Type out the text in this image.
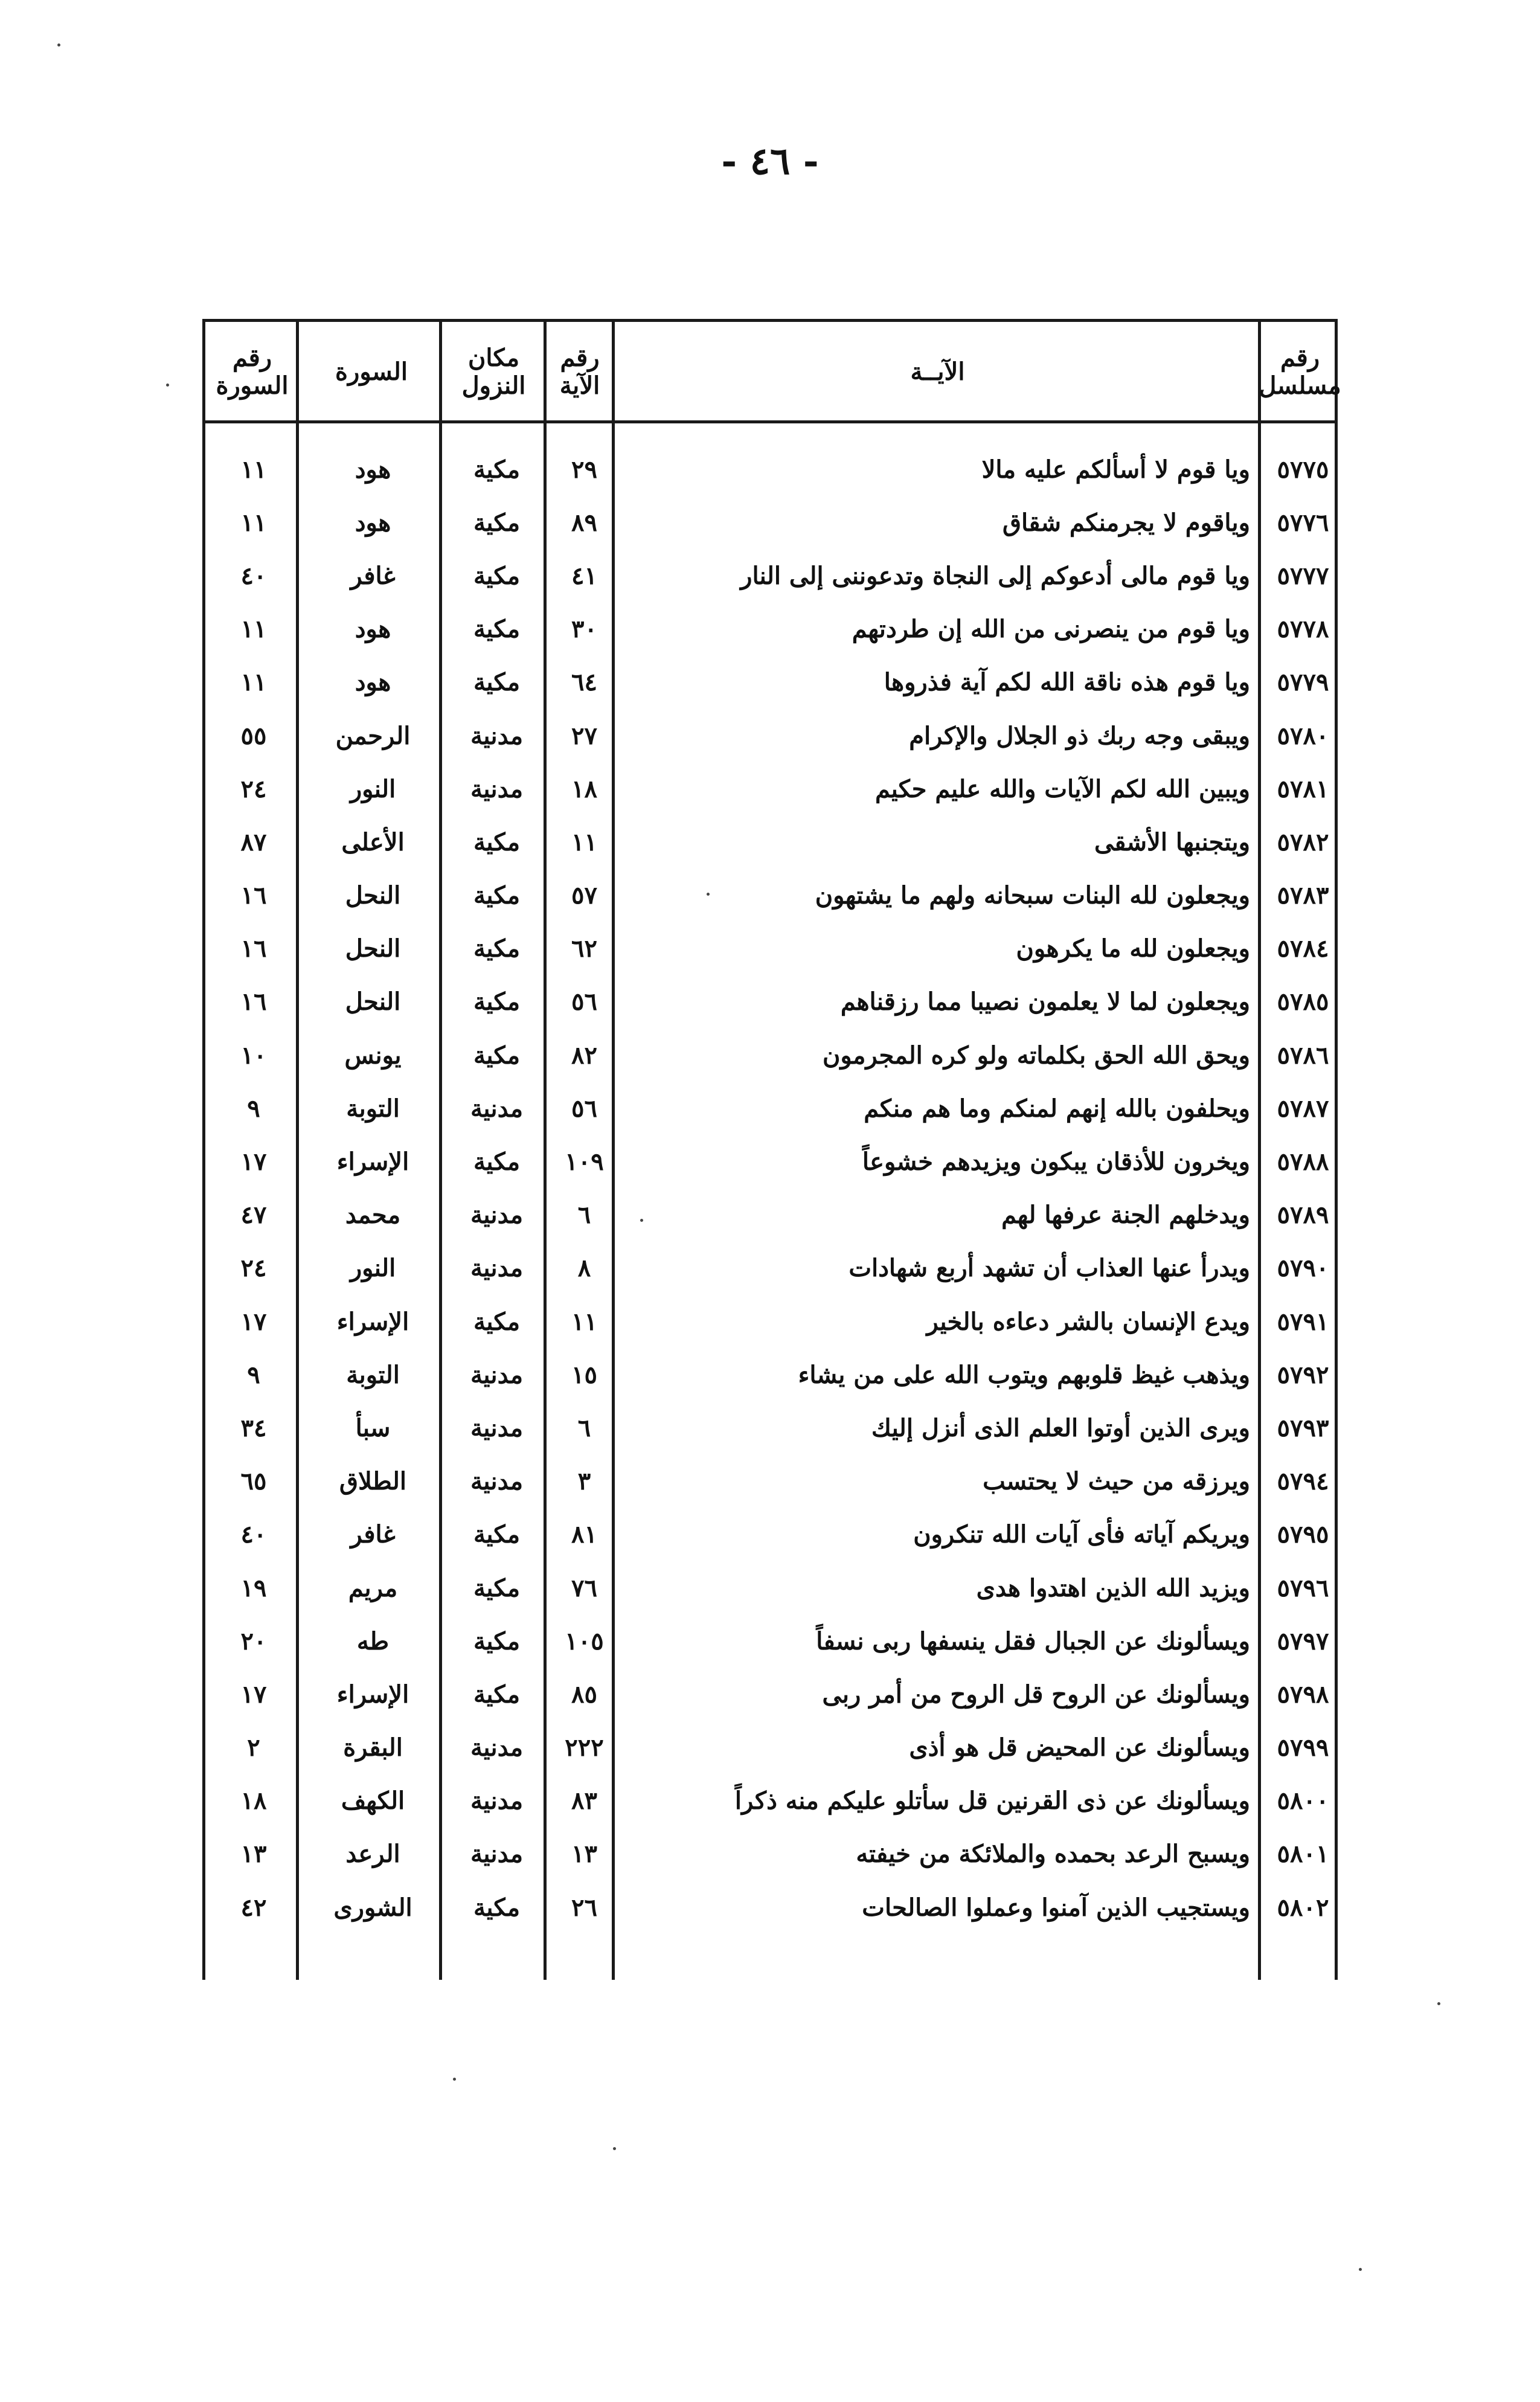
- ٤٦ -
رقم مسلسل
الآيــة
رقم الآية
مكان النزول
السورة
رقم السورة
٥٧٧٥
ويا قوم لا أسألكم عليه مالا
٢٩
مكية
هود
١١
٥٧٧٦
وياقوم لا يجرمنكم شقاق
٨٩
مكية
هود
١١
٥٧٧٧
ويا قوم مالى أدعوكم إلى النجاة وتدعوننى إلى النار
٤١
مكية
غافر
٤٠
٥٧٧٨
ويا قوم من ينصرنى من الله إن طردتهم
٣٠
مكية
هود
١١
٥٧٧٩
ويا قوم هذه ناقة الله لكم آية فذروها
٦٤
مكية
هود
١١
٥٧٨٠
ويبقى وجه ربك ذو الجلال والإكرام
٢٧
مدنية
الرحمن
٥٥
٥٧٨١
ويبين الله لكم الآيات والله عليم حكيم
١٨
مدنية
النور
٢٤
٥٧٨٢
ويتجنبها الأشقى
١١
مكية
الأعلى
٨٧
٥٧٨٣
ويجعلون لله البنات سبحانه ولهم ما يشتهون
٥٧
مكية
النحل
١٦
٥٧٨٤
ويجعلون لله ما يكرهون
٦٢
مكية
النحل
١٦
٥٧٨٥
ويجعلون لما لا يعلمون نصيبا مما رزقناهم
٥٦
مكية
النحل
١٦
٥٧٨٦
ويحق الله الحق بكلماته ولو كره المجرمون
٨٢
مكية
يونس
١٠
٥٧٨٧
ويحلفون بالله إنهم لمنكم وما هم منكم
٥٦
مدنية
التوبة
٩
٥٧٨٨
ويخرون للأذقان يبكون ويزيدهم خشوعاً
١٠٩
مكية
الإسراء
١٧
٥٧٨٩
ويدخلهم الجنة عرفها لهم
٦
مدنية
محمد
٤٧
٥٧٩٠
ويدرأ عنها العذاب أن تشهد أربع شهادات
٨
مدنية
النور
٢٤
٥٧٩١
ويدع الإنسان بالشر دعاءه بالخير
١١
مكية
الإسراء
١٧
٥٧٩٢
ويذهب غيظ قلوبهم ويتوب الله على من يشاء
١٥
مدنية
التوبة
٩
٥٧٩٣
ويرى الذين أوتوا العلم الذى أنزل إليك
٦
مدنية
سبأ
٣٤
٥٧٩٤
ويرزقه من حيث لا يحتسب
٣
مدنية
الطلاق
٦٥
٥٧٩٥
ويريكم آياته فأى آيات الله تنكرون
٨١
مكية
غافر
٤٠
٥٧٩٦
ويزيد الله الذين اهتدوا هدى
٧٦
مكية
مريم
١٩
٥٧٩٧
ويسألونك عن الجبال فقل ينسفها ربى نسفاً
١٠٥
مكية
طه
٢٠
٥٧٩٨
ويسألونك عن الروح قل الروح من أمر ربى
٨٥
مكية
الإسراء
١٧
٥٧٩٩
ويسألونك عن المحيض قل هو أذى
٢٢٢
مدنية
البقرة
٢
٥٨٠٠
ويسألونك عن ذى القرنين قل سأتلو عليكم منه ذكراً
٨٣
مدنية
الكهف
١٨
٥٨٠١
ويسبح الرعد بحمده والملائكة من خيفته
١٣
مدنية
الرعد
١٣
٥٨٠٢
ويستجيب الذين آمنوا وعملوا الصالحات
٢٦
مكية
الشورى
٤٢
